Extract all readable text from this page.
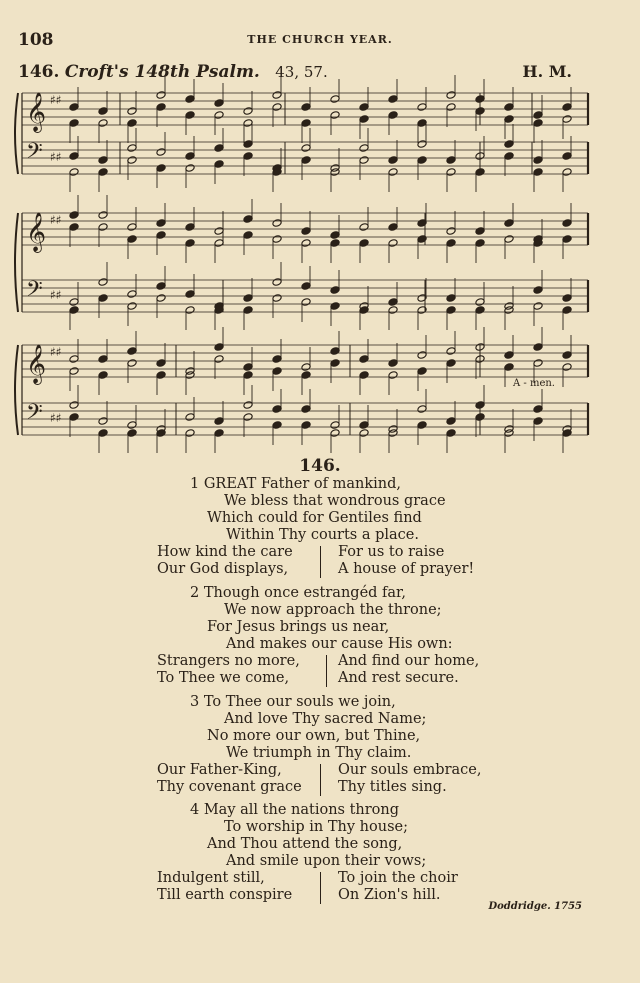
108	THE CHURCH YEAR.
146. Croft's 148th Psalm. 43, 57.	H. M.
𝄞 ♯♯
𝄢 ♯♯
𝄞 ♯♯
𝄢 ♯♯
𝄞 ♯♯
𝄢 ♯♯
A - men.
146.
1 GREAT Father of mankind,
We bless that wondrous grace
Which could for Gentiles find
Within Thy courts a place.
How kind the care
Our God displays,
For us to raise
A house of prayer!
2 Though once estrangéd far,
We now approach the throne;
For Jesus brings us near,
And makes our cause His own:
Strangers no more,
To Thee we come,
And find our home,
And rest secure.
3 To Thee our souls we join,
And love Thy sacred Name;
No more our own, but Thine,
We triumph in Thy claim.
Our Father-King,
Thy covenant grace
Our souls embrace,
Thy titles sing.
4 May all the nations throng
To worship in Thy house;
And Thou attend the song,
And smile upon their vows;
Indulgent still,
Till earth conspire
To join the choir
On Zion's hill.
Doddridge. 1755
